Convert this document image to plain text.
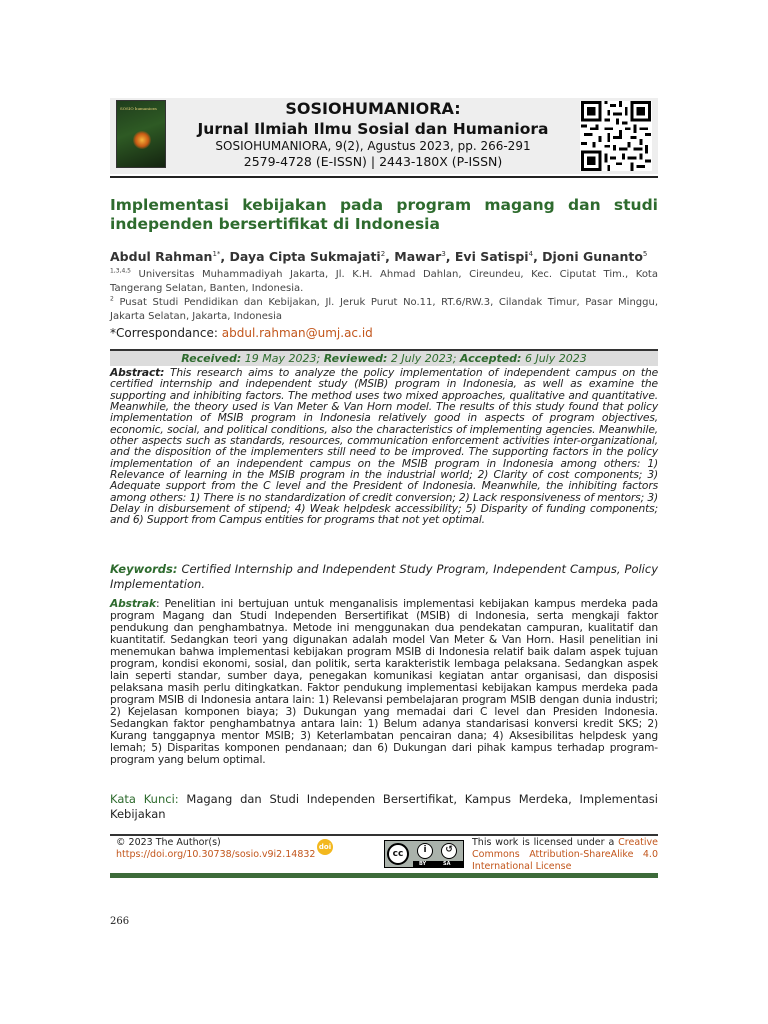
SOSIO humaniora	SOSIOHUMANIORA:
Jurnal Ilmiah Ilmu Sosial dan Humaniora
SOSIOHUMANIORA, 9(2), Agustus 2023, pp. 266-291
2579-4728 (E-ISSN) | 2443-180X (P-ISSN)
Implementasi kebijakan pada program magang dan studi independen bersertifikat di Indonesia
Abdul Rahman$^{1*}$, Daya Cipta Sukmajati$^2$, Mawar$^3$, Evi Satispi$^4$, Djoni Gunanto$^5$
$^{1,3,4,5}$ Universitas Muhammadiyah Jakarta, Jl. K.H. Ahmad Dahlan, Cireundeu, Kec. Ciputat Tim., Kota Tangerang Selatan, Banten, Indonesia.
$^2$ Pusat Studi Pendidikan dan Kebijakan, Jl. Jeruk Purut No.11, RT.6/RW.3, Cilandak Timur, Pasar Minggu, Jakarta Selatan, Jakarta, Indonesia
*Correspondance: abdul.rahman@umj.ac.id
Received: 19 May 2023; Reviewed: 2 July 2023; Accepted: 6 July 2023
Abstract: This research aims to analyze the policy implementation of independent campus on the certified internship and independent study (MSIB) program in Indonesia, as well as examine the supporting and inhibiting factors. The method uses two mixed approaches, qualitative and quantitative. Meanwhile, the theory used is Van Meter & Van Horn model. The results of this study found that policy implementation of MSIB program in Indonesia relatively good in aspects of program objectives, economic, social, and political conditions, also the characteristics of implementing agencies. Meanwhile, other aspects such as standards, resources, communication enforcement activities inter-organizational, and the disposition of the implementers still need to be improved. The supporting factors in the policy implementation of an independent campus on the MSIB program in Indonesia among others: 1) Relevance of learning in the MSIB program in the industrial world; 2) Clarity of cost components; 3) Adequate support from the C level and the President of Indonesia. Meanwhile, the inhibiting factors among others: 1) There is no standardization of credit conversion; 2) Lack responsiveness of mentors; 3) Delay in disbursement of stipend; 4) Weak helpdesk accessibility; 5) Disparity of funding components; and 6) Support from Campus entities for programs that not yet optimal.
Keywords: Certified Internship and Independent Study Program, Independent Campus, Policy Implementation.
Abstrak: Penelitian ini bertujuan untuk menganalisis implementasi kebijakan kampus merdeka pada program Magang dan Studi Independen Bersertifikat (MSIB) di Indonesia, serta mengkaji faktor pendukung dan penghambatnya. Metode ini menggunakan dua pendekatan campuran, kualitatif dan kuantitatif. Sedangkan teori yang digunakan adalah model Van Meter & Van Horn. Hasil penelitian ini menemukan bahwa implementasi kebijakan program MSIB di Indonesia relatif baik dalam aspek tujuan program, kondisi ekonomi, sosial, dan politik, serta karakteristik lembaga pelaksana. Sedangkan aspek lain seperti standar, sumber daya, penegakan komunikasi kegiatan antar organisasi, dan disposisi pelaksana masih perlu ditingkatkan. Faktor pendukung implementasi kebijakan kampus merdeka pada program MSIB di Indonesia antara lain: 1) Relevansi pembelajaran program MSIB dengan dunia industri; 2) Kejelasan komponen biaya; 3) Dukungan yang memadai dari C level dan Presiden Indonesia. Sedangkan faktor penghambatnya antara lain: 1) Belum adanya standarisasi konversi kredit SKS; 2) Kurang tanggapnya mentor MSIB; 3) Keterlambatan pencairan dana; 4) Aksesibilitas helpdesk yang lemah; 5) Disparitas komponen pendanaan; dan 6) Dukungan dari pihak kampus terhadap program-program yang belum optimal.
Kata Kunci: Magang dan Studi Independen Bersertifikat, Kampus Merdeka, Implementasi Kebijakan
© 2023 The Author(s)
https://doi.org/10.30738/sosio.v9i2.14832
doi
cc	i	↺
BY	SA
This work is licensed under a Creative Commons Attribution-ShareAlike 4.0 International License
266
